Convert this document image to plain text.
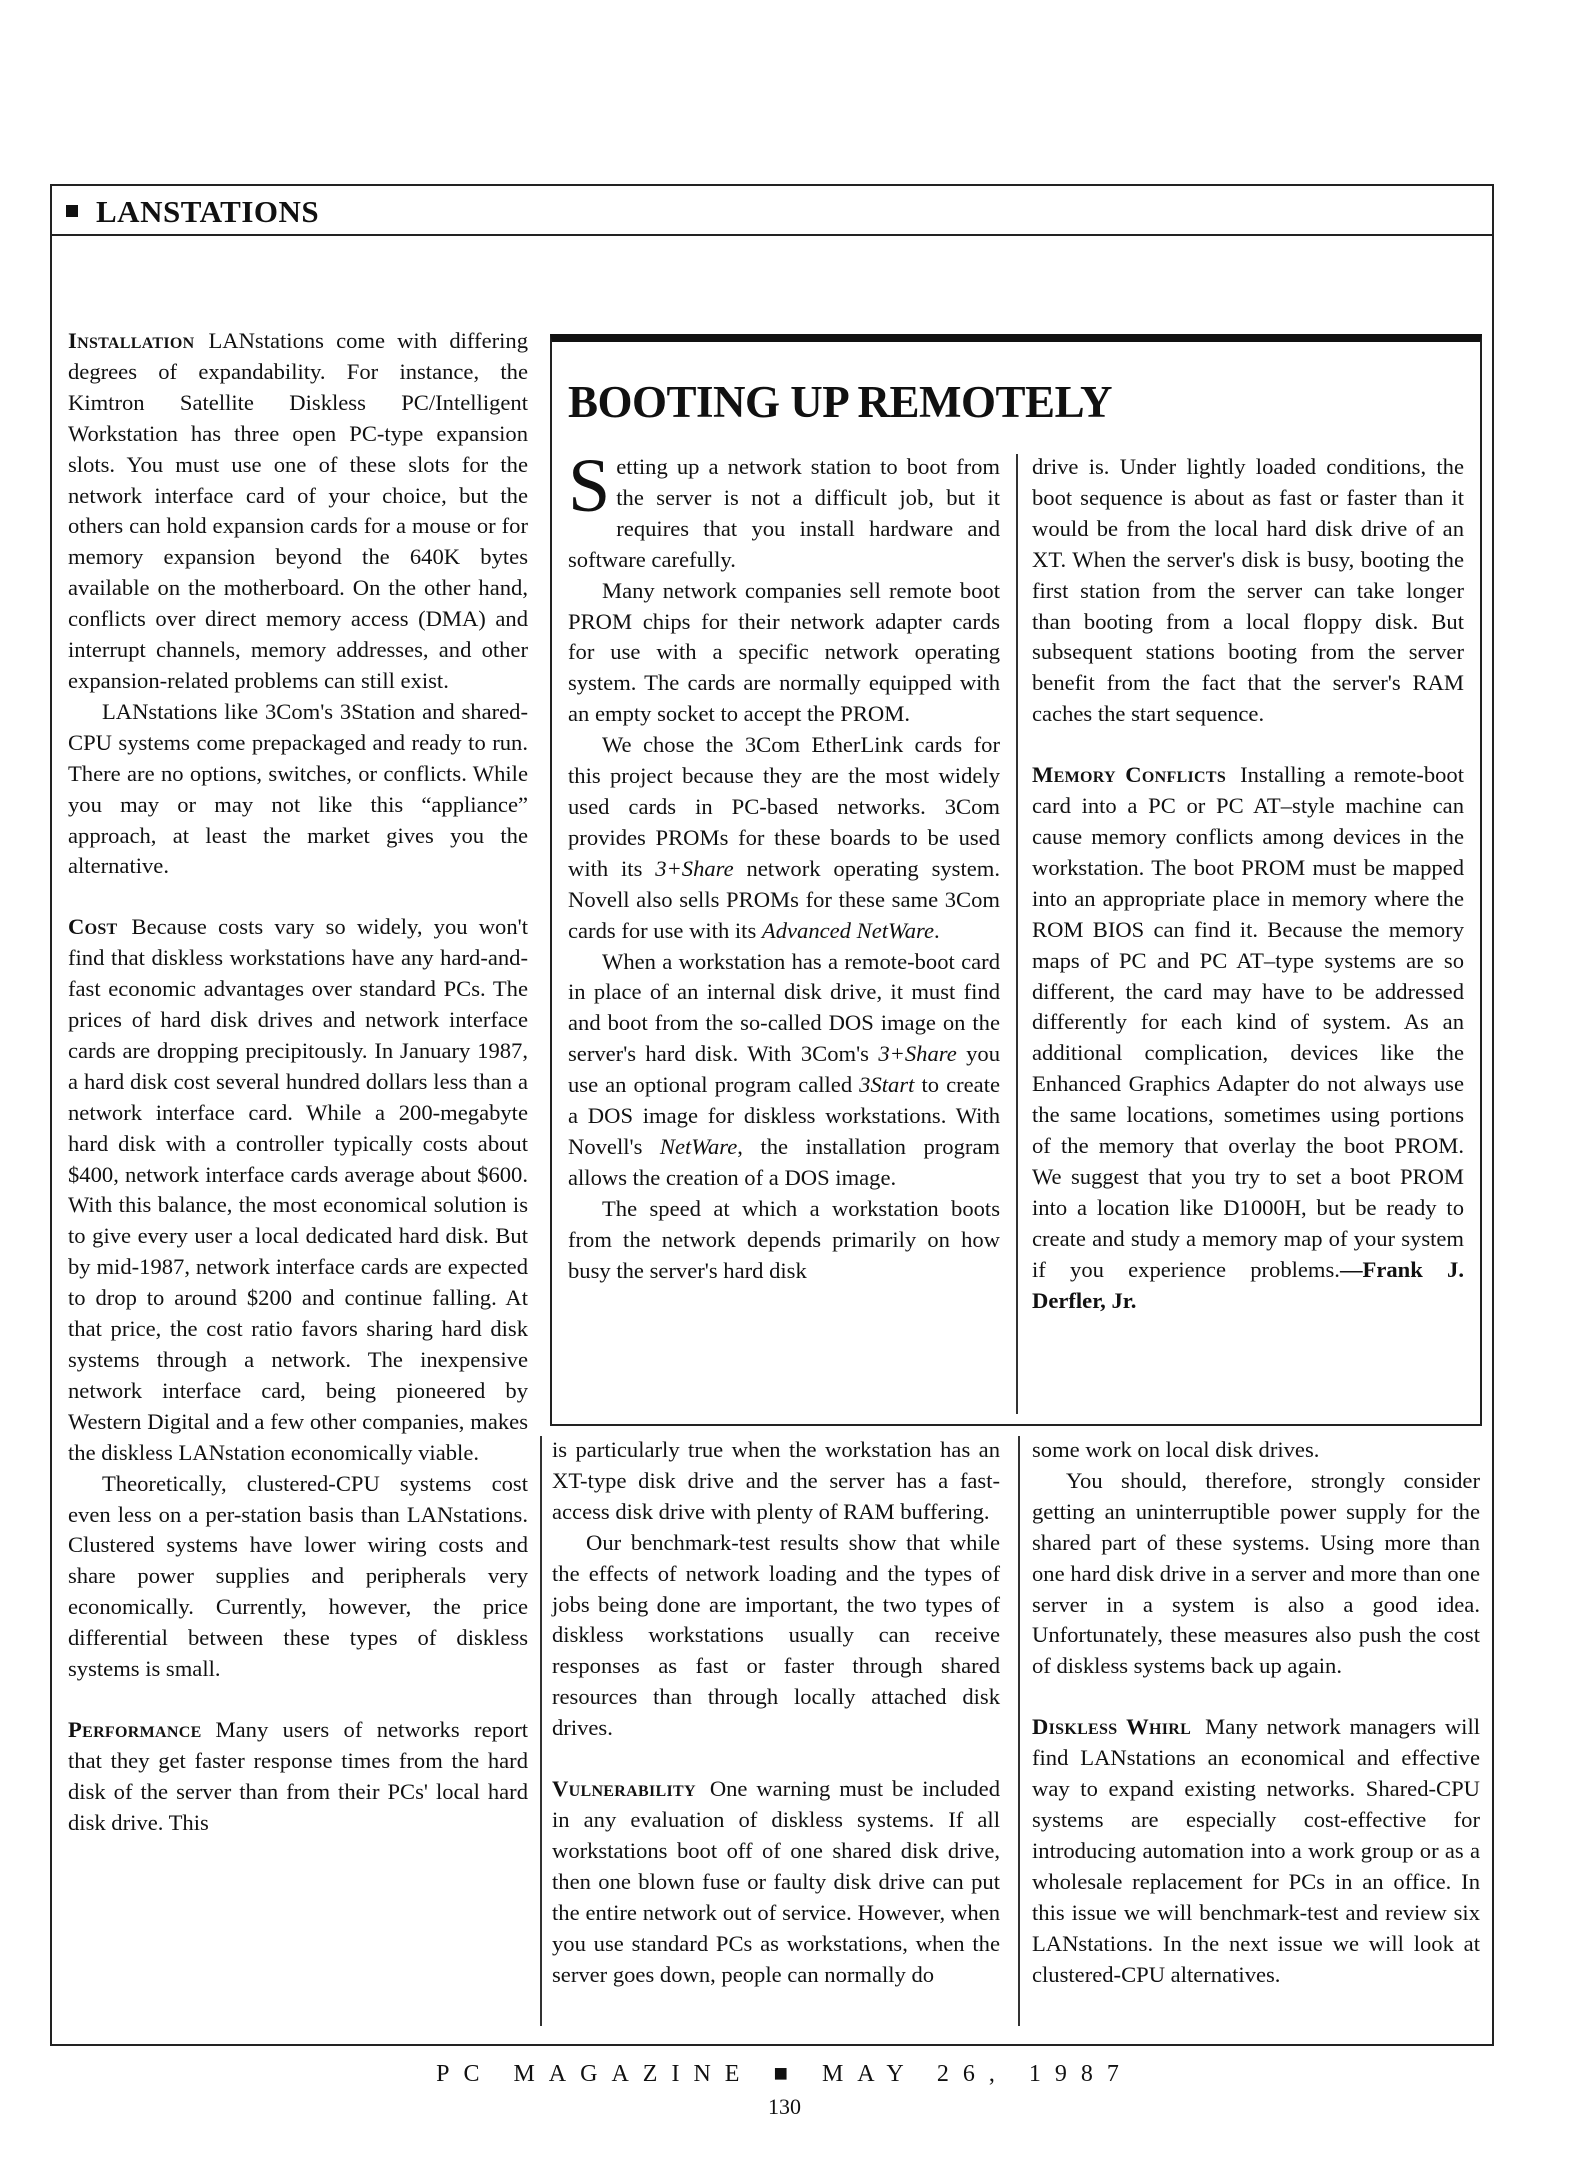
LANSTATIONS

Installation LANstations come with differing degrees of expandability. For instance, the Kimtron Satellite Diskless PC/Intelligent Workstation has three open PC-type expansion slots. You must use one of these slots for the network interface card of your choice, but the others can hold expansion cards for a mouse or for memory expansion beyond the 640K bytes available on the motherboard. On the other hand, conflicts over direct memory access (DMA) and interrupt channels, memory addresses, and other expansion-related problems can still exist.

LANstations like 3Com's 3Station and shared-CPU systems come prepackaged and ready to run. There are no options, switches, or conflicts. While you may or may not like this “appliance” approach, at least the market gives you the alternative.

Cost Because costs vary so widely, you won't find that diskless workstations have any hard-and-fast economic advantages over standard PCs. The prices of hard disk drives and network interface cards are dropping precipitously. In January 1987, a hard disk cost several hundred dollars less than a network interface card. While a 200-megabyte hard disk with a controller typically costs about $400, network interface cards average about $600. With this balance, the most economical solution is to give every user a local dedicated hard disk. But by mid-1987, network interface cards are expected to drop to around $200 and continue falling. At that price, the cost ratio favors sharing hard disk systems through a network. The inexpensive network interface card, being pioneered by Western Digital and a few other companies, makes the diskless LANstation economically viable.

Theoretically, clustered-CPU systems cost even less on a per-station basis than LANstations. Clustered systems have lower wiring costs and share power supplies and peripherals very economically. Currently, however, the price differential between these types of diskless systems is small.

Performance Many users of networks report that they get faster response times from the hard disk of the server than from their PCs' local hard disk drive. This

BOOTING UP REMOTELY

Setting up a network station to boot from the server is not a difficult job, but it requires that you install hardware and software carefully.

Many network companies sell remote boot PROM chips for their network adapter cards for use with a specific network operating system. The cards are normally equipped with an empty socket to accept the PROM.

We chose the 3Com EtherLink cards for this project because they are the most widely used cards in PC-based networks. 3Com provides PROMs for these boards to be used with its 3+Share network operating system. Novell also sells PROMs for these same 3Com cards for use with its Advanced NetWare.

When a workstation has a remote-boot card in place of an internal disk drive, it must find and boot from the so-called DOS image on the server's hard disk. With 3Com's 3+Share you use an optional program called 3Start to create a DOS image for diskless workstations. With Novell's NetWare, the installation program allows the creation of a DOS image.

The speed at which a workstation boots from the network depends primarily on how busy the server's hard disk

drive is. Under lightly loaded conditions, the boot sequence is about as fast or faster than it would be from the local hard disk drive of an XT. When the server's disk is busy, booting the first station from the server can take longer than booting from a local floppy disk. But subsequent stations booting from the server benefit from the fact that the server's RAM caches the start sequence.

Memory Conflicts Installing a remote-boot card into a PC or PC AT–style machine can cause memory conflicts among devices in the workstation. The boot PROM must be mapped into an appropriate place in memory where the ROM BIOS can find it. Because the memory maps of PC and PC AT–type systems are so different, the card may have to be addressed differently for each kind of system. As an additional complication, devices like the Enhanced Graphics Adapter do not always use the same locations, sometimes using portions of the memory that overlay the boot PROM. We suggest that you try to set a boot PROM into a location like D1000H, but be ready to create and study a memory map of your system if you experience problems.—Frank J. Derfler, Jr.

is particularly true when the workstation has an XT-type disk drive and the server has a fast-access disk drive with plenty of RAM buffering.

Our benchmark-test results show that while the effects of network loading and the types of jobs being done are important, the two types of diskless workstations usually can receive responses as fast or faster through shared resources than through locally attached disk drives.

Vulnerability One warning must be included in any evaluation of diskless systems. If all workstations boot off of one shared disk drive, then one blown fuse or faulty disk drive can put the entire network out of service. However, when you use standard PCs as workstations, when the server goes down, people can normally do

some work on local disk drives.

You should, therefore, strongly consider getting an uninterruptible power supply for the shared part of these systems. Using more than one hard disk drive in a server and more than one server in a system is also a good idea. Unfortunately, these measures also push the cost of diskless systems back up again.

Diskless Whirl Many network managers will find LANstations an economical and effective way to expand existing networks. Shared-CPU systems are especially cost-effective for introducing automation into a work group or as a wholesale replacement for PCs in an office. In this issue we will benchmark-test and review six LANstations. In the next issue we will look at clustered-CPU alternatives.

PC MAGAZINE ■ MAY 26, 1987
130
